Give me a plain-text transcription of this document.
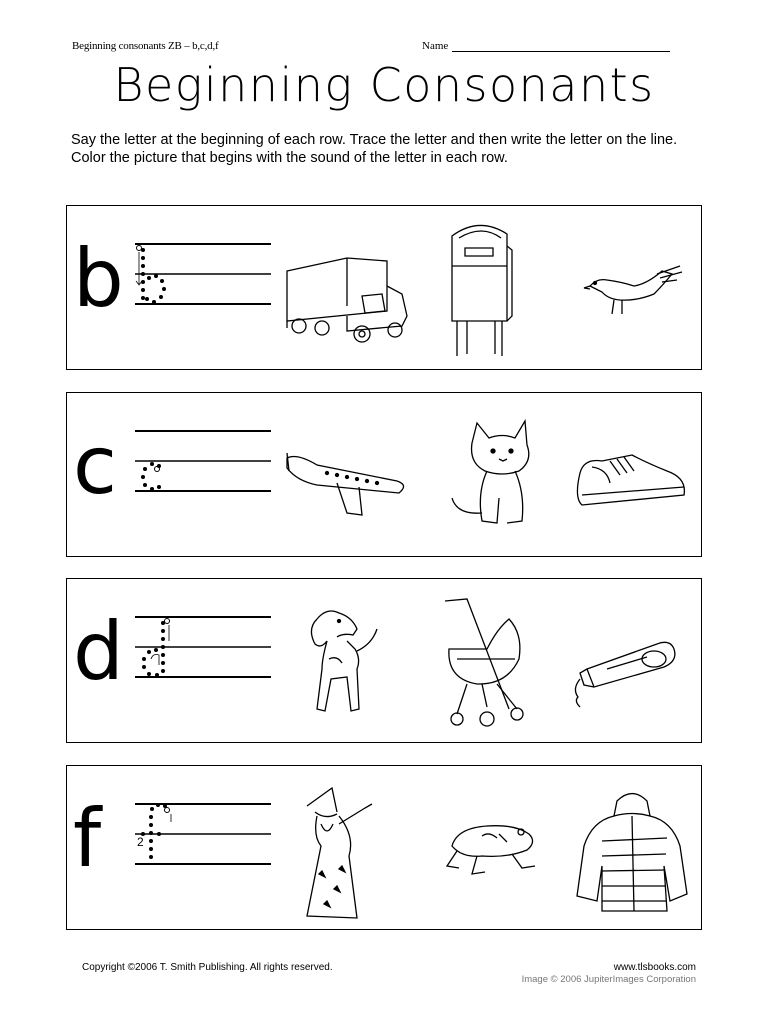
Beginning consonants ZB – b,c,d,f	Name
Beginning Consonants

Say the letter at the beginning of each row. Trace the letter and then write the letter on the line.

Color the picture that begins with the sound of the letter in each row.

b
c
d
f	2
Copyright ©2006 T. Smith Publishing. All rights reserved.	www.tlsbooks.com
Image © 2006 JupiterImages Corporation
